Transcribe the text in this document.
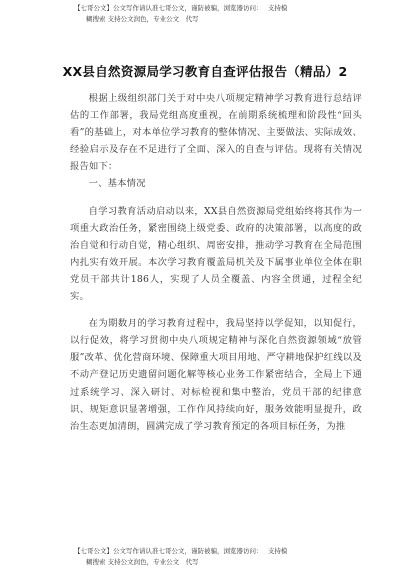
【七哥公文】公文写作请认准七哥公文，谨防被骗，浏览器访问：　 支持模
糊搜索 支持公文润色，专业公文　代写
XX县自然资源局学习教育自查评估报告（精品）2

根据上级组织部门关于对中央八项规定精神学习教育进行总结评估的工作部署，我局党组高度重视，在前期系统梳理和阶段性“回头看”的基础上，对本单位学习教育的整体情况、主要做法、实际成效、经验启示及存在不足进行了全面、深入的自查与评估。现将有关情况报告如下：

一、基本情况

自学习教育活动启动以来，XX县自然资源局党组始终将其作为一项重大政治任务，紧密围绕上级党委、政府的决策部署，以高度的政治自觉和行动自觉，精心组织、周密安排，推动学习教育在全局范围内扎实有效开展。本次学习教育覆盖局机关及下属事业单位全体在职党员干部共计186人，实现了人员全覆盖、内容全贯通，过程全纪实。

在为期数月的学习教育过程中，我局坚持以学促知，以知促行，以行促效，将学习贯彻中央八项规定精神与深化自然资源领域“放管服”改革、优化营商环境、保障重大项目用地、严守耕地保护红线以及不动产登记历史遗留问题化解等核心业务工作紧密结合，全局上下通过系统学习、深入研讨、对标检视和集中整治，党员干部的纪律意识、规矩意识显著增强，工作作风持续向好，服务效能明显提升，政治生态更加清朗，圆满完成了学习教育预定的各项目标任务，为推

【七哥公文】公文写作请认准七哥公文，谨防被骗，浏览器访问：　 支持模
糊搜索 支持公文润色，专业公文　代写
